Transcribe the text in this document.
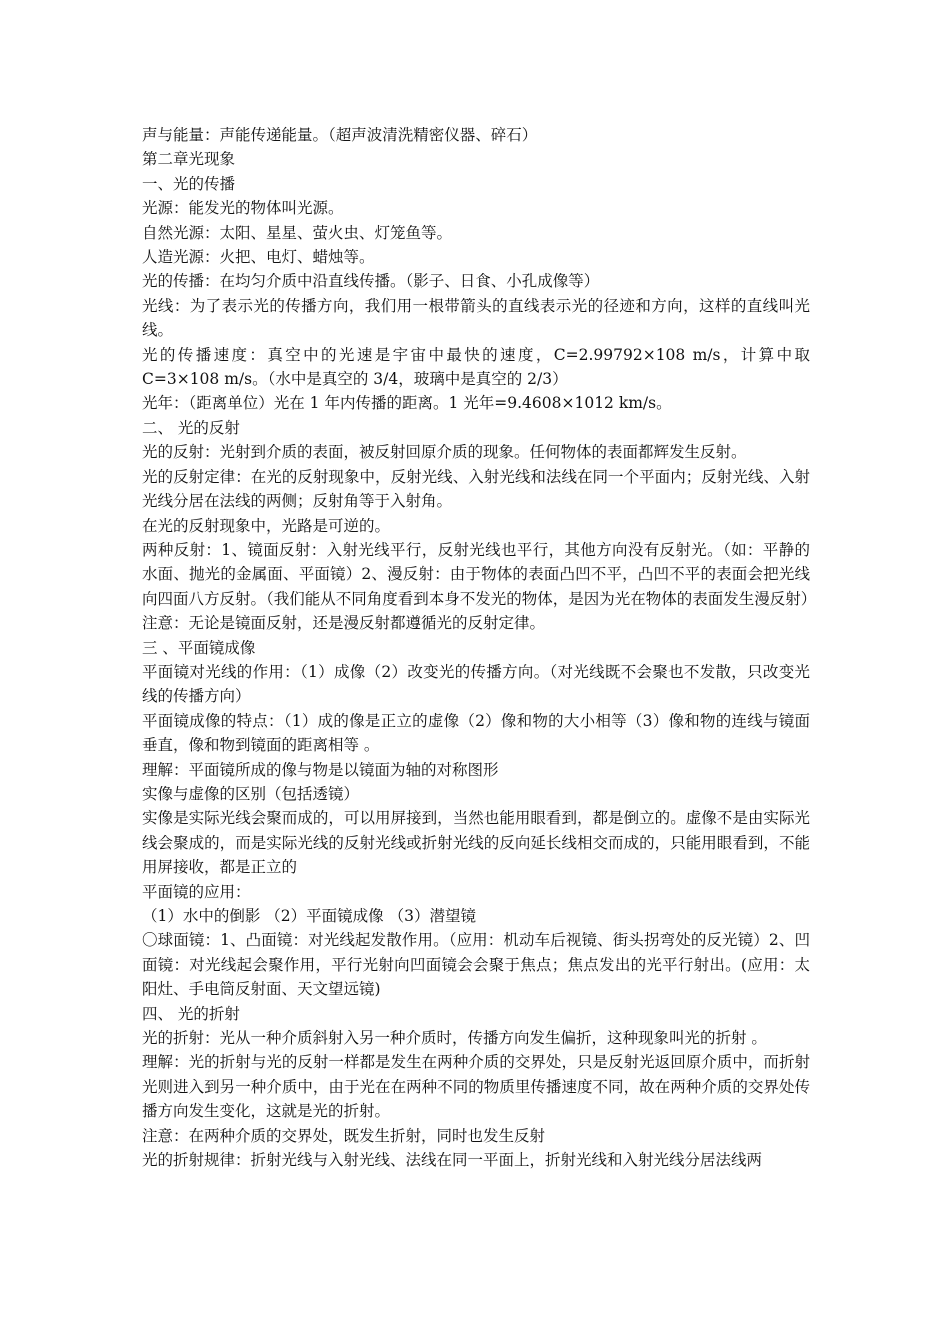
声与能量：声能传递能量。（超声波清洗精密仪器、碎石）

第二章光现象

一、光的传播

光源：能发光的物体叫光源。

自然光源：太阳、星星、萤火虫、灯笼鱼等。

人造光源：火把、电灯、蜡烛等。

光的传播：在均匀介质中沿直线传播。（影子、日食、小孔成像等）

光线：为了表示光的传播方向，我们用一根带箭头的直线表示光的径迹和方向，这样的直线叫光线。

光的传播速度：真空中的光速是宇宙中最快的速度，C=2.99792×108 m/s，计算中取 C=3×108 m/s。（水中是真空的 3/4，玻璃中是真空的 2/3）

光年：（距离单位）光在 1 年内传播的距离。1 光年=9.4608×1012 km/s。

二、 光的反射

光的反射：光射到介质的表面，被反射回原介质的现象。任何物体的表面都辉发生反射。

光的反射定律：在光的反射现象中，反射光线、入射光线和法线在同一个平面内；反射光线、入射光线分居在法线的两侧；反射角等于入射角。

在光的反射现象中，光路是可逆的。

两种反射：1、镜面反射：入射光线平行，反射光线也平行，其他方向没有反射光。（如：平静的水面、抛光的金属面、平面镜）2、漫反射：由于物体的表面凸凹不平，凸凹不平的表面会把光线向四面八方反射。（我们能从不同角度看到本身不发光的物体，是因为光在物体的表面发生漫反射）

注意：无论是镜面反射，还是漫反射都遵循光的反射定律。

三 、平面镜成像

平面镜对光线的作用：（1）成像（2）改变光的传播方向。（对光线既不会聚也不发散，只改变光线的传播方向）

平面镜成像的特点：（1）成的像是正立的虚像（2）像和物的大小相等（3）像和物的连线与镜面垂直，像和物到镜面的距离相等 。

理解：平面镜所成的像与物是以镜面为轴的对称图形

实像与虚像的区别（包括透镜）

实像是实际光线会聚而成的，可以用屏接到，当然也能用眼看到，都是倒立的。虚像不是由实际光线会聚成的，而是实际光线的反射光线或折射光线的反向延长线相交而成的，只能用眼看到，不能用屏接收，都是正立的

平面镜的应用：

（1）水中的倒影 （2）平面镜成像 （3）潜望镜

〇球面镜：1、凸面镜：对光线起发散作用。（应用：机动车后视镜、街头拐弯处的反光镜）2、凹面镜：对光线起会聚作用，平行光射向凹面镜会会聚于焦点；焦点发出的光平行射出。(应用：太阳灶、手电筒反射面、天文望远镜)

四、 光的折射

光的折射：光从一种介质斜射入另一种介质时，传播方向发生偏折，这种现象叫光的折射 。

理解：光的折射与光的反射一样都是发生在两种介质的交界处，只是反射光返回原介质中，而折射光则进入到另一种介质中，由于光在在两种不同的物质里传播速度不同，故在两种介质的交界处传播方向发生变化，这就是光的折射。

注意：在两种介质的交界处，既发生折射，同时也发生反射

光的折射规律：折射光线与入射光线、法线在同一平面上，折射光线和入射光线分居法线两
